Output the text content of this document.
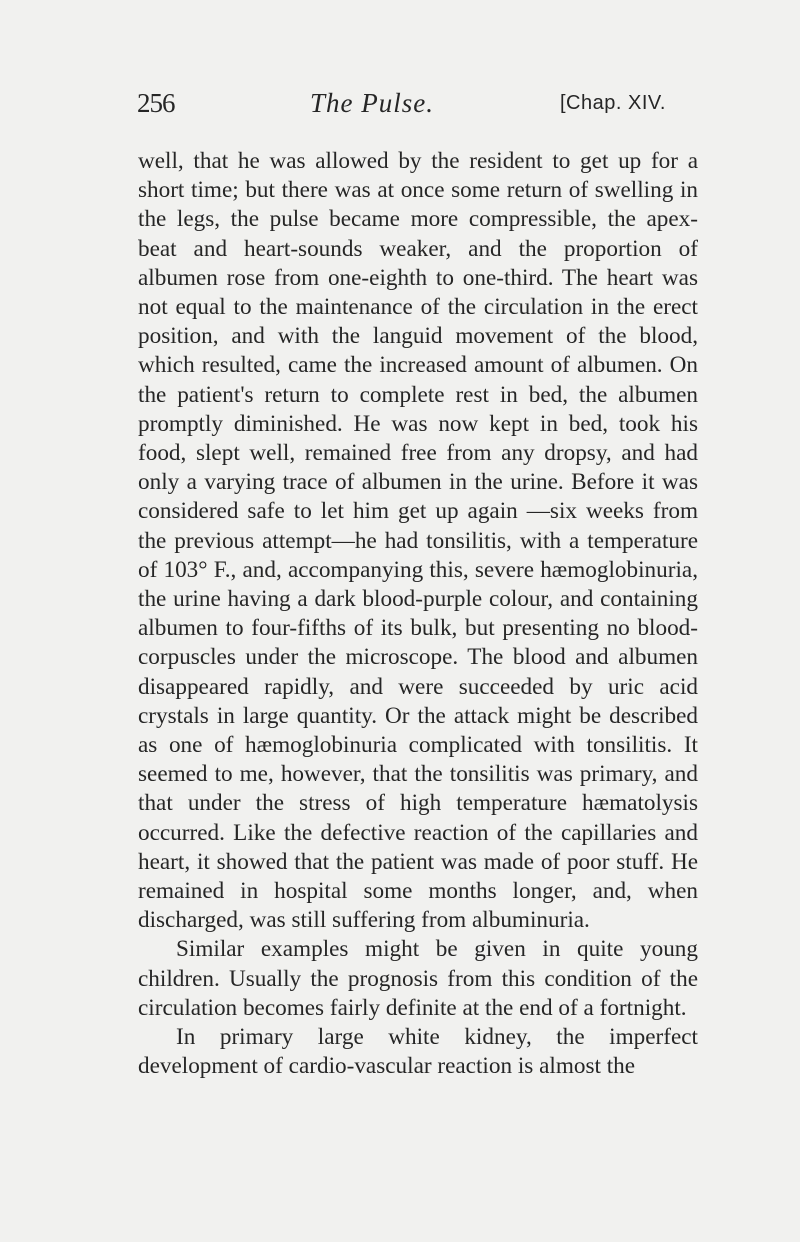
256	The Pulse.	[Chap. XIV.

well, that he was allowed by the resident to get up for a short time; but there was at once some return of swelling in the legs, the pulse became more compressible, the apex-beat and heart-sounds weaker, and the proportion of albumen rose from one-eighth to one-third. The heart was not equal to the maintenance of the circulation in the erect position, and with the languid movement of the blood, which resulted, came the increased amount of albumen. On the patient's return to complete rest in bed, the albumen promptly diminished. He was now kept in bed, took his food, slept well, remained free from any dropsy, and had only a varying trace of albumen in the urine. Before it was considered safe to let him get up again —six weeks from the previous attempt—he had tonsilitis, with a temperature of 103° F., and, accompanying this, severe hæmoglobinuria, the urine having a dark blood-purple colour, and containing albumen to four-fifths of its bulk, but presenting no blood-corpuscles under the microscope. The blood and albumen disappeared rapidly, and were succeeded by uric acid crystals in large quantity. Or the attack might be described as one of hæmoglobinuria complicated with tonsilitis. It seemed to me, however, that the tonsilitis was primary, and that under the stress of high temperature hæmatolysis occurred. Like the defective reaction of the capillaries and heart, it showed that the patient was made of poor stuff. He remained in hospital some months longer, and, when discharged, was still suffering from albuminuria.

Similar examples might be given in quite young children. Usually the prognosis from this condition of the circulation becomes fairly definite at the end of a fortnight.

In primary large white kidney, the imperfect development of cardio-vascular reaction is almost the
